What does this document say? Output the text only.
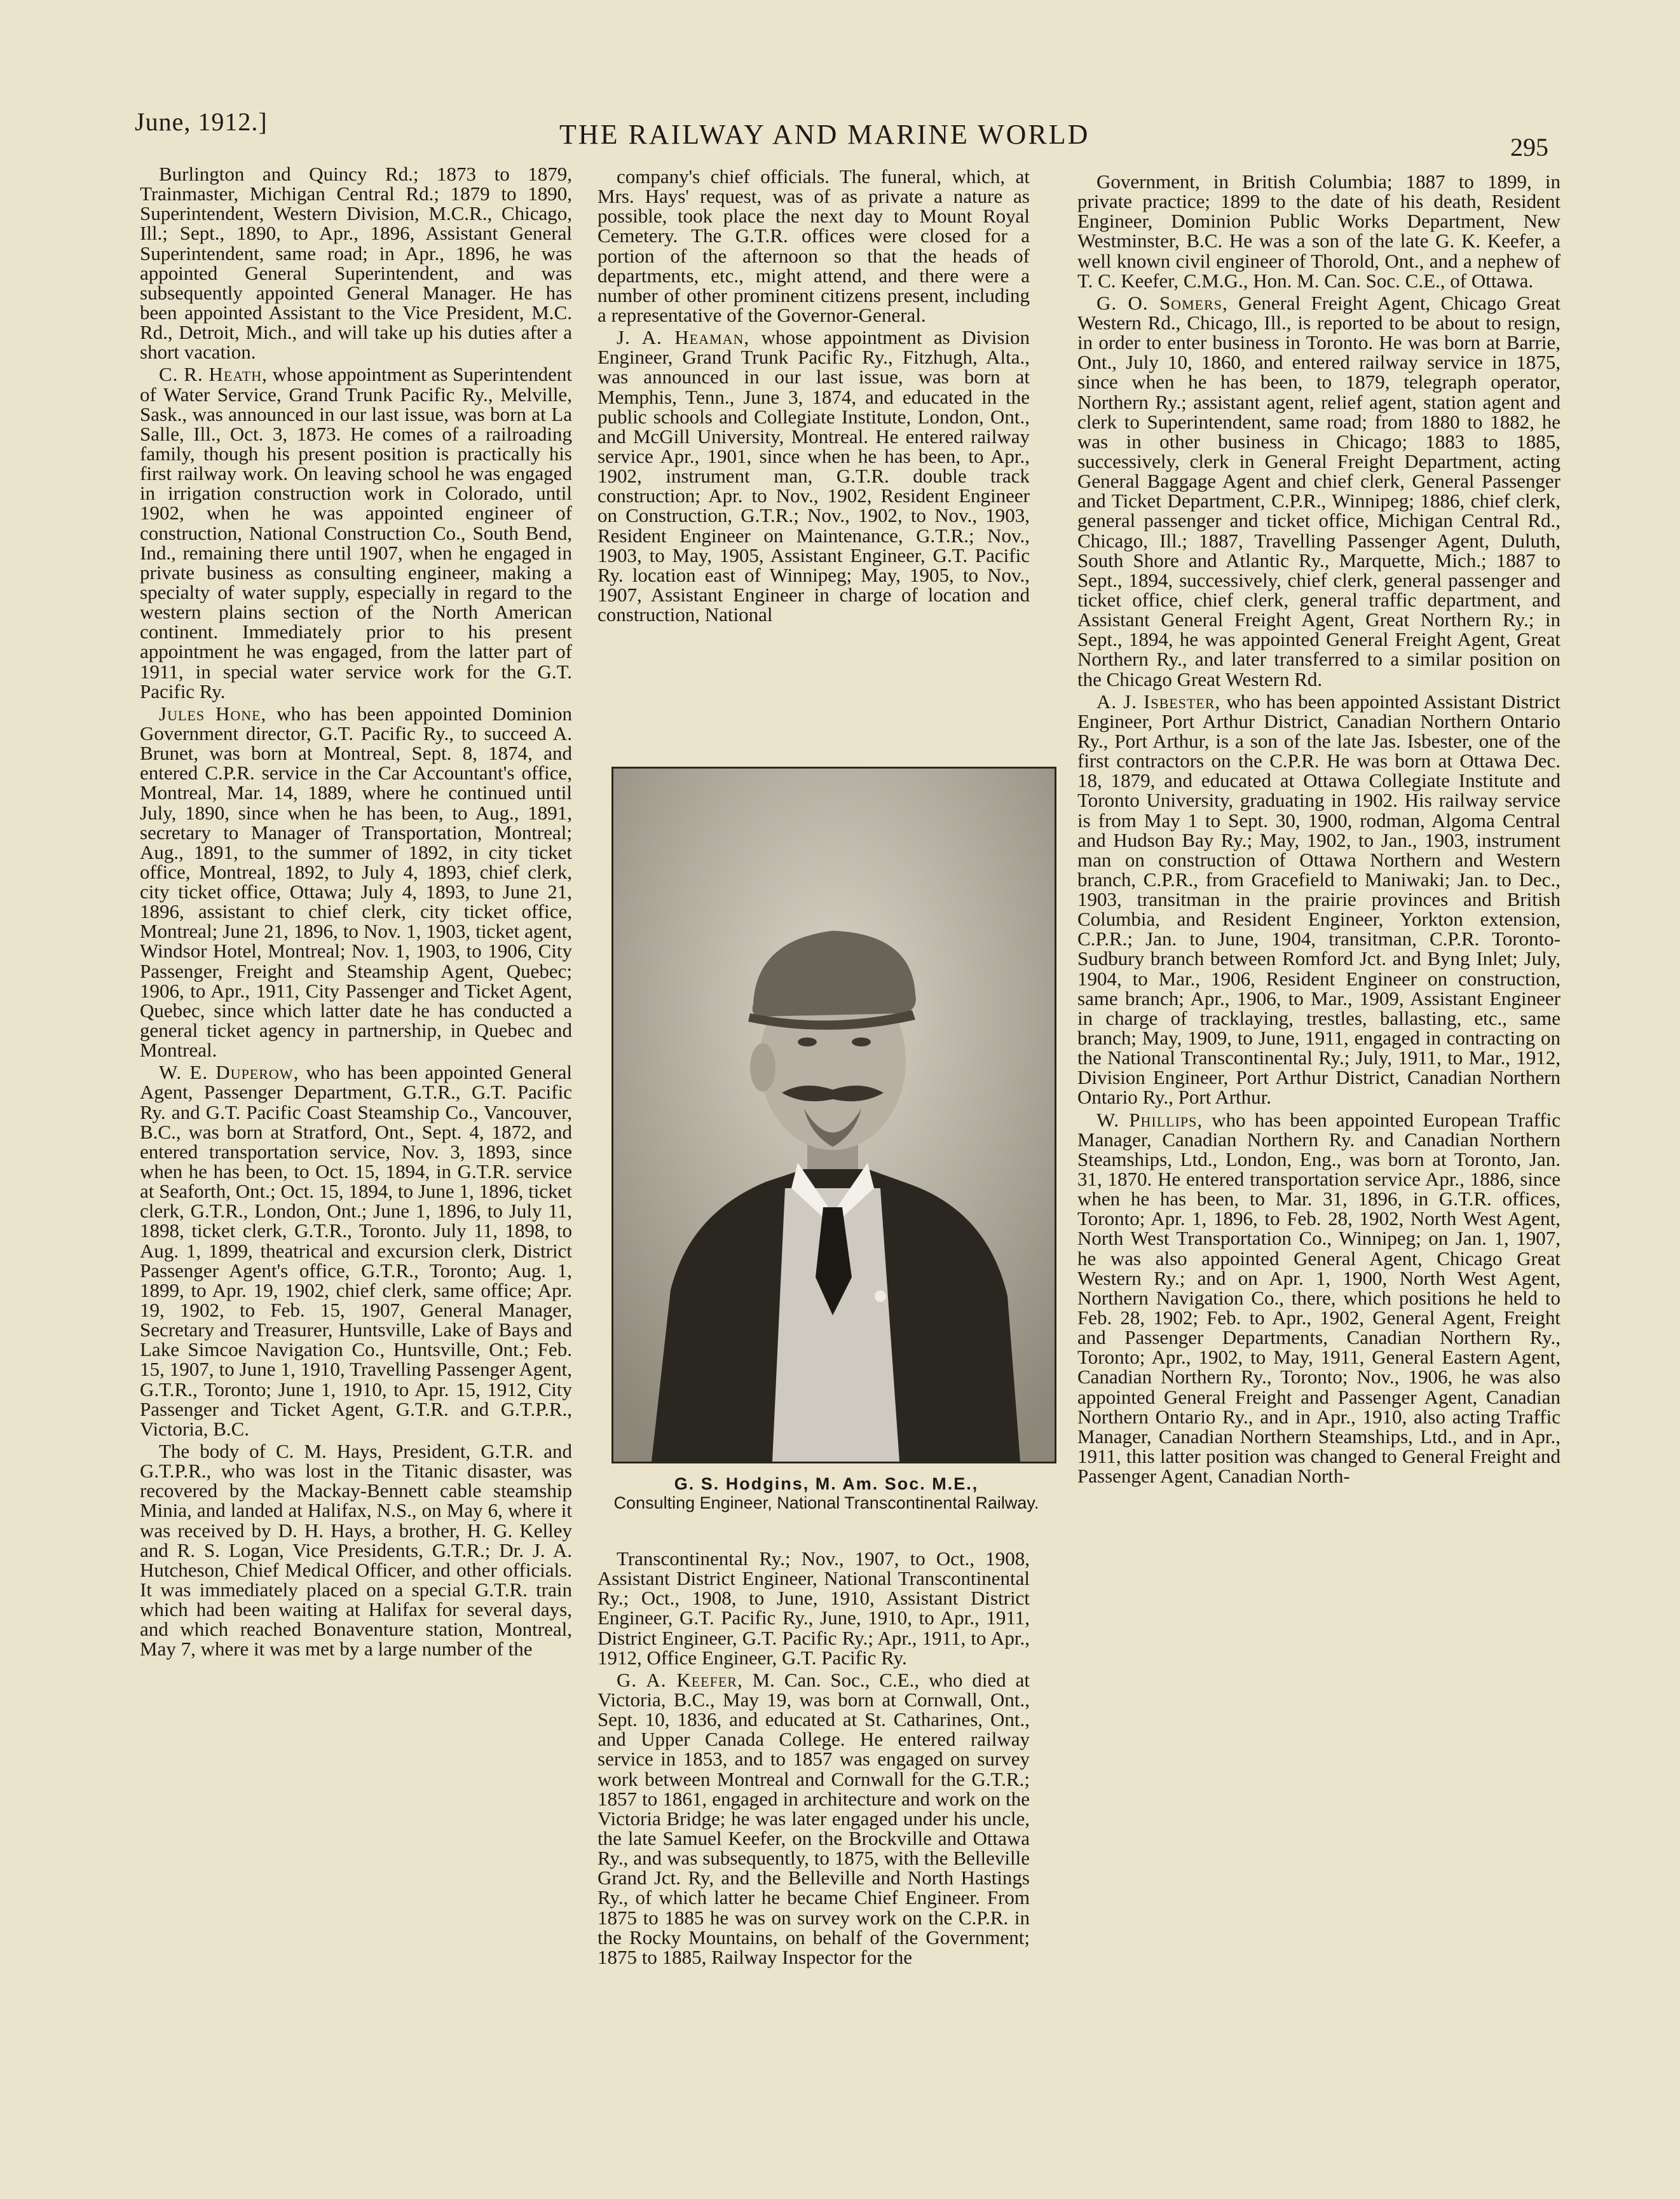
June, 1912.]	THE RAILWAY AND MARINE WORLD	295

Burlington and Quincy Rd.; 1873 to 1879, Trainmaster, Michigan Central Rd.; 1879 to 1890, Superintendent, Western Division, M.C.R., Chicago, Ill.; Sept., 1890, to Apr., 1896, Assistant General Superintendent, same road; in Apr., 1896, he was appointed General Superintendent, and was subsequently appointed General Manager. He has been appointed Assistant to the Vice President, M.C. Rd., Detroit, Mich., and will take up his duties after a short vacation.

C. R. Heath, whose appointment as Superintendent of Water Service, Grand Trunk Pacific Ry., Melville, Sask., was announced in our last issue, was born at La Salle, Ill., Oct. 3, 1873. He comes of a railroading family, though his present position is practically his first railway work. On leaving school he was engaged in irrigation construction work in Colorado, until 1902, when he was appointed engineer of construction, National Construction Co., South Bend, Ind., remaining there until 1907, when he engaged in private business as consulting engineer, making a specialty of water supply, especially in regard to the western plains section of the North American continent. Immediately prior to his present appointment he was engaged, from the latter part of 1911, in special water service work for the G.T. Pacific Ry.

Jules Hone, who has been appointed Dominion Government director, G.T. Pacific Ry., to succeed A. Brunet, was born at Montreal, Sept. 8, 1874, and entered C.P.R. service in the Car Accountant's office, Montreal, Mar. 14, 1889, where he continued until July, 1890, since when he has been, to Aug., 1891, secretary to Manager of Transportation, Montreal; Aug., 1891, to the summer of 1892, in city ticket office, Montreal, 1892, to July 4, 1893, chief clerk, city ticket office, Ottawa; July 4, 1893, to June 21, 1896, assistant to chief clerk, city ticket office, Montreal; June 21, 1896, to Nov. 1, 1903, ticket agent, Windsor Hotel, Montreal; Nov. 1, 1903, to 1906, City Passenger, Freight and Steamship Agent, Quebec; 1906, to Apr., 1911, City Passenger and Ticket Agent, Quebec, since which latter date he has conducted a general ticket agency in partnership, in Quebec and Montreal.

W. E. Duperow, who has been appointed General Agent, Passenger Department, G.T.R., G.T. Pacific Ry. and G.T. Pacific Coast Steamship Co., Vancouver, B.C., was born at Stratford, Ont., Sept. 4, 1872, and entered transportation service, Nov. 3, 1893, since when he has been, to Oct. 15, 1894, in G.T.R. service at Seaforth, Ont.; Oct. 15, 1894, to June 1, 1896, ticket clerk, G.T.R., London, Ont.; June 1, 1896, to July 11, 1898, ticket clerk, G.T.R., Toronto. July 11, 1898, to Aug. 1, 1899, theatrical and excursion clerk, District Passenger Agent's office, G.T.R., Toronto; Aug. 1, 1899, to Apr. 19, 1902, chief clerk, same office; Apr. 19, 1902, to Feb. 15, 1907, General Manager, Secretary and Treasurer, Huntsville, Lake of Bays and Lake Simcoe Navigation Co., Huntsville, Ont.; Feb. 15, 1907, to June 1, 1910, Travelling Passenger Agent, G.T.R., Toronto; June 1, 1910, to Apr. 15, 1912, City Passenger and Ticket Agent, G.T.R. and G.T.P.R., Victoria, B.C.

The body of C. M. Hays, President, G.T.R. and G.T.P.R., who was lost in the Titanic disaster, was recovered by the Mackay-Bennett cable steamship Minia, and landed at Halifax, N.S., on May 6, where it was received by D. H. Hays, a brother, H. G. Kelley and R. S. Logan, Vice Presidents, G.T.R.; Dr. J. A. Hutcheson, Chief Medical Officer, and other officials. It was immediately placed on a special G.T.R. train which had been waiting at Halifax for several days, and which reached Bonaventure station, Montreal, May 7, where it was met by a large number of the

company's chief officials. The funeral, which, at Mrs. Hays' request, was of as private a nature as possible, took place the next day to Mount Royal Cemetery. The G.T.R. offices were closed for a portion of the afternoon so that the heads of departments, etc., might attend, and there were a number of other prominent citizens present, including a representative of the Governor-General.

J. A. Heaman, whose appointment as Division Engineer, Grand Trunk Pacific Ry., Fitzhugh, Alta., was announced in our last issue, was born at Memphis, Tenn., June 3, 1874, and educated in the public schools and Collegiate Institute, London, Ont., and McGill University, Montreal. He entered railway service Apr., 1901, since when he has been, to Apr., 1902, instrument man, G.T.R. double track construction; Apr. to Nov., 1902, Resident Engineer on Construction, G.T.R.; Nov., 1902, to Nov., 1903, Resident Engineer on Maintenance, G.T.R.; Nov., 1903, to May, 1905, Assistant Engineer, G.T. Pacific Ry. location east of Winnipeg; May, 1905, to Nov., 1907, Assistant Engineer in charge of location and construction, National

G. S. Hodgins, M. Am. Soc. M.E.,
Consulting Engineer, National Transcontinental Railway.

Transcontinental Ry.; Nov., 1907, to Oct., 1908, Assistant District Engineer, National Transcontinental Ry.; Oct., 1908, to June, 1910, Assistant District Engineer, G.T. Pacific Ry., June, 1910, to Apr., 1911, District Engineer, G.T. Pacific Ry.; Apr., 1911, to Apr., 1912, Office Engineer, G.T. Pacific Ry.

G. A. Keefer, M. Can. Soc., C.E., who died at Victoria, B.C., May 19, was born at Cornwall, Ont., Sept. 10, 1836, and educated at St. Catharines, Ont., and Upper Canada College. He entered railway service in 1853, and to 1857 was engaged on survey work between Montreal and Cornwall for the G.T.R.; 1857 to 1861, engaged in architecture and work on the Victoria Bridge; he was later engaged under his uncle, the late Samuel Keefer, on the Brockville and Ottawa Ry., and was subsequently, to 1875, with the Belleville Grand Jct. Ry, and the Belleville and North Hastings Ry., of which latter he became Chief Engineer. From 1875 to 1885 he was on survey work on the C.P.R. in the Rocky Mountains, on behalf of the Government; 1875 to 1885, Railway Inspector for the

Government, in British Columbia; 1887 to 1899, in private practice; 1899 to the date of his death, Resident Engineer, Dominion Public Works Department, New Westminster, B.C. He was a son of the late G. K. Keefer, a well known civil engineer of Thorold, Ont., and a nephew of T. C. Keefer, C.M.G., Hon. M. Can. Soc. C.E., of Ottawa.

G. O. Somers, General Freight Agent, Chicago Great Western Rd., Chicago, Ill., is reported to be about to resign, in order to enter business in Toronto. He was born at Barrie, Ont., July 10, 1860, and entered railway service in 1875, since when he has been, to 1879, telegraph operator, Northern Ry.; assistant agent, relief agent, station agent and clerk to Superintendent, same road; from 1880 to 1882, he was in other business in Chicago; 1883 to 1885, successively, clerk in General Freight Department, acting General Baggage Agent and chief clerk, General Passenger and Ticket Department, C.P.R., Winnipeg; 1886, chief clerk, general passenger and ticket office, Michigan Central Rd., Chicago, Ill.; 1887, Travelling Passenger Agent, Duluth, South Shore and Atlantic Ry., Marquette, Mich.; 1887 to Sept., 1894, successively, chief clerk, general passenger and ticket office, chief clerk, general traffic department, and Assistant General Freight Agent, Great Northern Ry.; in Sept., 1894, he was appointed General Freight Agent, Great Northern Ry., and later transferred to a similar position on the Chicago Great Western Rd.

A. J. Isbester, who has been appointed Assistant District Engineer, Port Arthur District, Canadian Northern Ontario Ry., Port Arthur, is a son of the late Jas. Isbester, one of the first contractors on the C.P.R. He was born at Ottawa Dec. 18, 1879, and educated at Ottawa Collegiate Institute and Toronto University, graduating in 1902. His railway service is from May 1 to Sept. 30, 1900, rodman, Algoma Central and Hudson Bay Ry.; May, 1902, to Jan., 1903, instrument man on construction of Ottawa Northern and Western branch, C.P.R., from Gracefield to Maniwaki; Jan. to Dec., 1903, transitman in the prairie provinces and British Columbia, and Resident Engineer, Yorkton extension, C.P.R.; Jan. to June, 1904, transitman, C.P.R. Toronto-Sudbury branch between Romford Jct. and Byng Inlet; July, 1904, to Mar., 1906, Resident Engineer on construction, same branch; Apr., 1906, to Mar., 1909, Assistant Engineer in charge of tracklaying, trestles, ballasting, etc., same branch; May, 1909, to June, 1911, engaged in contracting on the National Transcontinental Ry.; July, 1911, to Mar., 1912, Division Engineer, Port Arthur District, Canadian Northern Ontario Ry., Port Arthur.

W. Phillips, who has been appointed European Traffic Manager, Canadian Northern Ry. and Canadian Northern Steamships, Ltd., London, Eng., was born at Toronto, Jan. 31, 1870. He entered transportation service Apr., 1886, since when he has been, to Mar. 31, 1896, in G.T.R. offices, Toronto; Apr. 1, 1896, to Feb. 28, 1902, North West Agent, North West Transportation Co., Winnipeg; on Jan. 1, 1907, he was also appointed General Agent, Chicago Great Western Ry.; and on Apr. 1, 1900, North West Agent, Northern Navigation Co., there, which positions he held to Feb. 28, 1902; Feb. to Apr., 1902, General Agent, Freight and Passenger Departments, Canadian Northern Ry., Toronto; Apr., 1902, to May, 1911, General Eastern Agent, Canadian Northern Ry., Toronto; Nov., 1906, he was also appointed General Freight and Passenger Agent, Canadian Northern Ontario Ry., and in Apr., 1910, also acting Traffic Manager, Canadian Northern Steamships, Ltd., and in Apr., 1911, this latter position was changed to General Freight and Passenger Agent, Canadian North-
